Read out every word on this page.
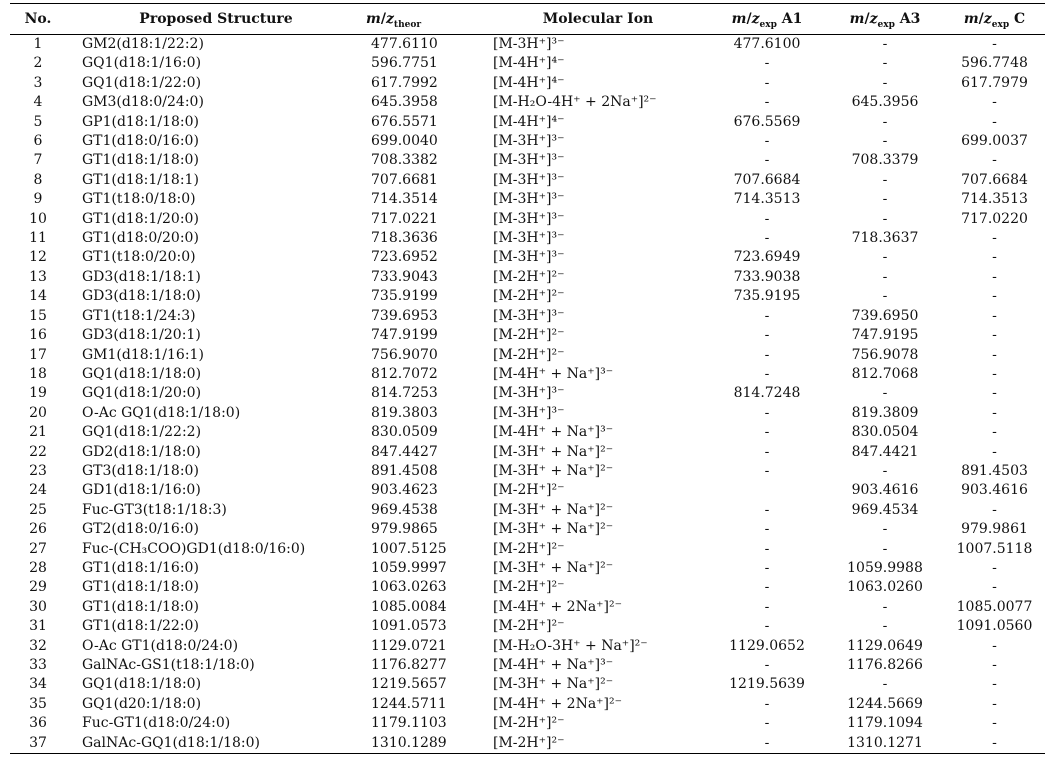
No.	Proposed Structure	$m/z_{theor}$	Molecular Ion	$m/z_{exp}$ A1	$m/z_{exp}$ A3	$m/z_{exp}$ C
1	GM2(d18:1/22:2)	477.6110	[M-3H⁺]³⁻	477.6100	-	-
2	GQ1(d18:1/16:0)	596.7751	[M-4H⁺]⁴⁻	-	-	596.7748
3	GQ1(d18:1/22:0)	617.7992	[M-4H⁺]⁴⁻	-	-	617.7979
4	GM3(d18:0/24:0)	645.3958	[M-H₂O-4H⁺ + 2Na⁺]²⁻	-	645.3956	-
5	GP1(d18:1/18:0)	676.5571	[M-4H⁺]⁴⁻	676.5569	-	-
6	GT1(d18:0/16:0)	699.0040	[M-3H⁺]³⁻	-	-	699.0037
7	GT1(d18:1/18:0)	708.3382	[M-3H⁺]³⁻	-	708.3379	-
8	GT1(d18:1/18:1)	707.6681	[M-3H⁺]³⁻	707.6684	-	707.6684
9	GT1(t18:0/18:0)	714.3514	[M-3H⁺]³⁻	714.3513	-	714.3513
10	GT1(d18:1/20:0)	717.0221	[M-3H⁺]³⁻	-	-	717.0220
11	GT1(d18:0/20:0)	718.3636	[M-3H⁺]³⁻	-	718.3637	-
12	GT1(t18:0/20:0)	723.6952	[M-3H⁺]³⁻	723.6949	-	-
13	GD3(d18:1/18:1)	733.9043	[M-2H⁺]²⁻	733.9038	-	-
14	GD3(d18:1/18:0)	735.9199	[M-2H⁺]²⁻	735.9195	-	-
15	GT1(t18:1/24:3)	739.6953	[M-3H⁺]³⁻	-	739.6950	-
16	GD3(d18:1/20:1)	747.9199	[M-2H⁺]²⁻	-	747.9195	-
17	GM1(d18:1/16:1)	756.9070	[M-2H⁺]²⁻	-	756.9078	-
18	GQ1(d18:1/18:0)	812.7072	[M-4H⁺ + Na⁺]³⁻	-	812.7068	-
19	GQ1(d18:1/20:0)	814.7253	[M-3H⁺]³⁻	814.7248	-	-
20	O-Ac GQ1(d18:1/18:0)	819.3803	[M-3H⁺]³⁻	-	819.3809	-
21	GQ1(d18:1/22:2)	830.0509	[M-4H⁺ + Na⁺]³⁻	-	830.0504	-
22	GD2(d18:1/18:0)	847.4427	[M-3H⁺ + Na⁺]²⁻	-	847.4421	-
23	GT3(d18:1/18:0)	891.4508	[M-3H⁺ + Na⁺]²⁻	-	-	891.4503
24	GD1(d18:1/16:0)	903.4623	[M-2H⁺]²⁻		903.4616	903.4616
25	Fuc-GT3(t18:1/18:3)	969.4538	[M-3H⁺ + Na⁺]²⁻	-	969.4534	-
26	GT2(d18:0/16:0)	979.9865	[M-3H⁺ + Na⁺]²⁻	-	-	979.9861
27	Fuc-(CH₃COO)GD1(d18:0/16:0)	1007.5125	[M-2H⁺]²⁻	-	-	1007.5118
28	GT1(d18:1/16:0)	1059.9997	[M-3H⁺ + Na⁺]²⁻	-	1059.9988	-
29	GT1(d18:1/18:0)	1063.0263	[M-2H⁺]²⁻	-	1063.0260	-
30	GT1(d18:1/18:0)	1085.0084	[M-4H⁺ + 2Na⁺]²⁻	-	-	1085.0077
31	GT1(d18:1/22:0)	1091.0573	[M-2H⁺]²⁻	-	-	1091.0560
32	O-Ac GT1(d18:0/24:0)	1129.0721	[M-H₂O-3H⁺ + Na⁺]²⁻	1129.0652	1129.0649	-
33	GalNAc-GS1(t18:1/18:0)	1176.8277	[M-4H⁺ + Na⁺]³⁻	-	1176.8266	-
34	GQ1(d18:1/18:0)	1219.5657	[M-3H⁺ + Na⁺]²⁻	1219.5639	-	-
35	GQ1(d20:1/18:0)	1244.5711	[M-4H⁺ + 2Na⁺]²⁻	-	1244.5669	-
36	Fuc-GT1(d18:0/24:0)	1179.1103	[M-2H⁺]²⁻	-	1179.1094	-
37	GalNAc-GQ1(d18:1/18:0)	1310.1289	[M-2H⁺]²⁻	-	1310.1271	-
